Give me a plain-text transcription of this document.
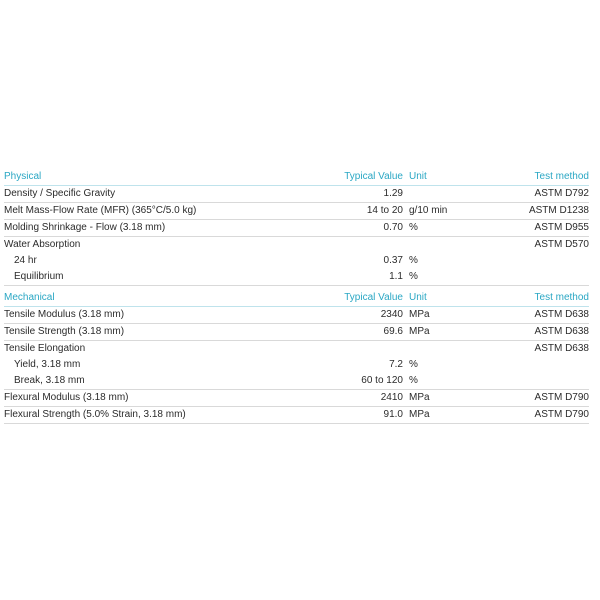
Physical	Typical Value	Unit	Test method
Density / Specific Gravity	1.29		ASTM D792
Melt Mass-Flow Rate (MFR) (365°C/5.0 kg)	14 to 20	g/10 min	ASTM D1238
Molding Shrinkage - Flow (3.18 mm)	0.70	%	ASTM D955
Water Absorption			ASTM D570
24 hr	0.37	%	
Equilibrium	1.1	%	
Mechanical	Typical Value	Unit	Test method
Tensile Modulus (3.18 mm)	2340	MPa	ASTM D638
Tensile Strength (3.18 mm)	69.6	MPa	ASTM D638
Tensile Elongation			ASTM D638
Yield, 3.18 mm	7.2	%	
Break, 3.18 mm	60 to 120	%	
Flexural Modulus (3.18 mm)	2410	MPa	ASTM D790
Flexural Strength (5.0% Strain, 3.18 mm)	91.0	MPa	ASTM D790
